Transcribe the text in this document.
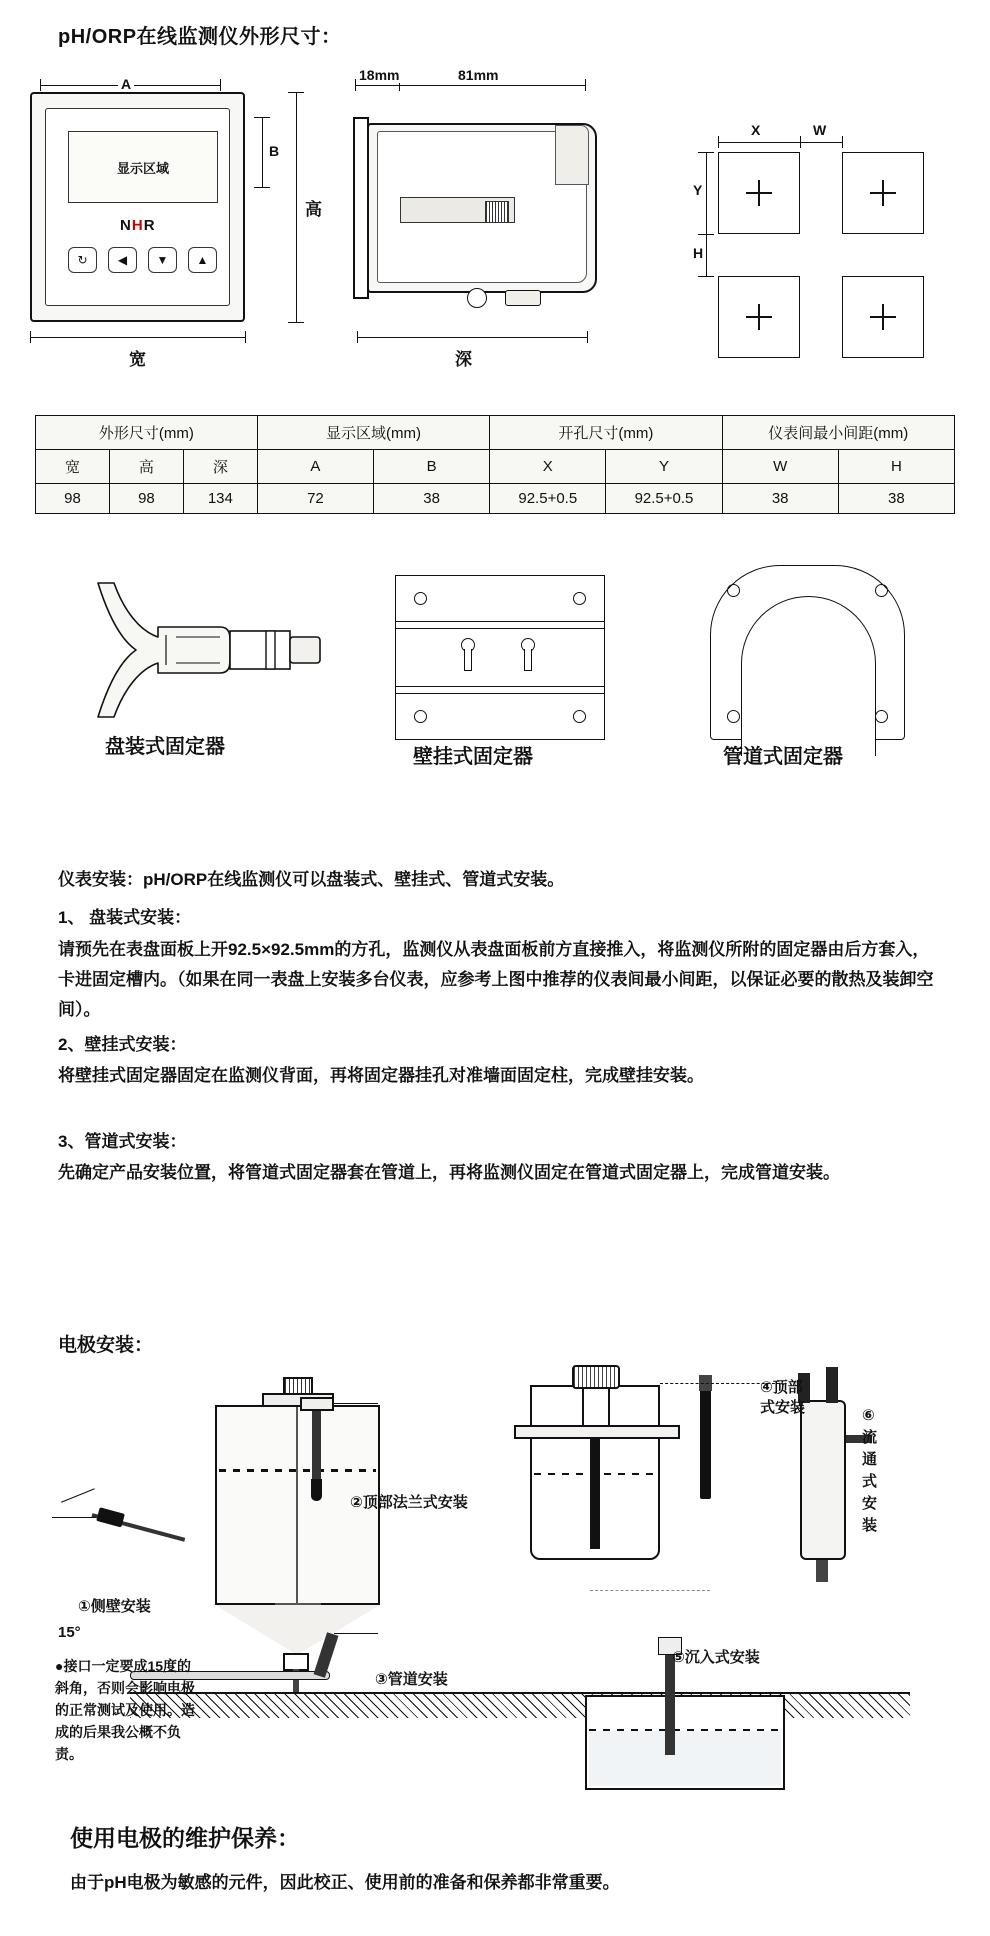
pH/ORP在线监测仪外形尺寸：
A
显示区域
NHR
↻	◀	▼	▲
B
高
宽
18mm	81mm
深
X	W
Y
H
外形尺寸(mm)			显示区域(mm)		开孔尺寸(mm)		仪表间最小间距(mm)	
宽	高	深	A	B	X	Y	W	H
98	98	134	72	38	92.5+0.5	92.5+0.5	38	38
盘装式固定器	壁挂式固定器	管道式固定器
仪表安装：pH/ORP在线监测仪可以盘装式、壁挂式、管道式安装。
1、 盘装式安装：
请预先在表盘面板上开92.5×92.5mm的方孔，监测仪从表盘面板前方直接推入，将监测仪所附的固定器由后方套入，卡进固定槽内。（如果在同一表盘上安装多台仪表，应参考上图中推荐的仪表间最小间距，以保证必要的散热及装卸空间）。
2、壁挂式安装：
将壁挂式固定器固定在监测仪背面，再将固定器挂孔对准墙面固定柱，完成壁挂安装。
3、管道式安装：
先确定产品安装位置，将管道式固定器套在管道上，再将监测仪固定在管道式固定器上，完成管道安装。
电极安装：
①侧壁安装
15°
②顶部法兰式安装
③管道安装
④顶部
式安装
⑤沉入式安装
⑥
流
通
式
安
装
●接口一定要成15度的斜角，否则会影响电极的正常测试及使用。造成的后果我公概不负责。
使用电极的维护保养：
由于pH电极为敏感的元件，因此校正、使用前的准备和保养都非常重要。
